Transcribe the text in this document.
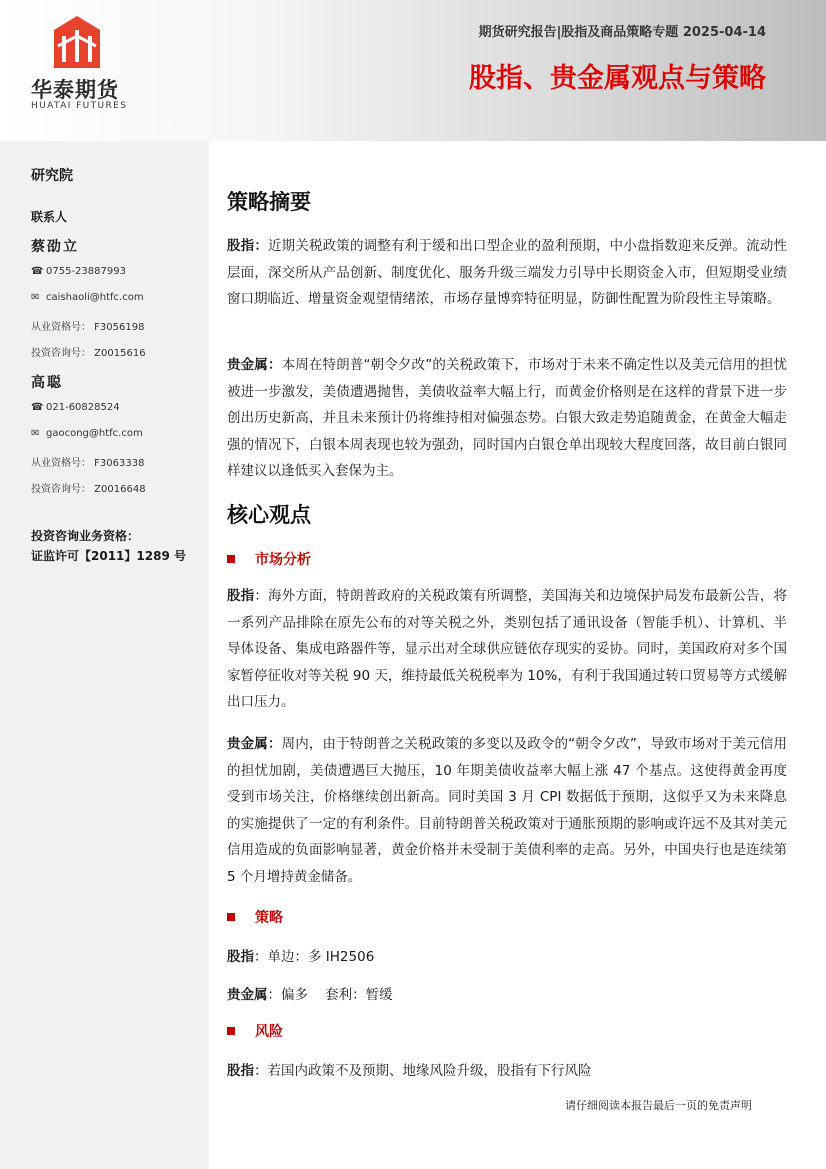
华泰期货
HUATAI FUTURES
期货研究报告|股指及商品策略专题 2025-04-14
股指、贵金属观点与策略
研究院
联系人
蔡劭立
☎ 0755-23887993
✉ caishaoli@htfc.com
从业资格号： F3056198
投资咨询号： Z0015616
高聪
☎ 021-60828524
✉ gaocong@htfc.com
从业资格号： F3063338
投资咨询号： Z0016648
投资咨询业务资格：
证监许可【2011】1289 号
策略摘要
股指：近期关税政策的调整有利于缓和出口型企业的盈利预期，中小盘指数迎来反弹。流动性层面，深交所从产品创新、制度优化、服务升级三端发力引导中长期资金入市，但短期受业绩窗口期临近、增量资金观望情绪浓，市场存量博弈特征明显，防御性配置为阶段性主导策略。
贵金属：本周在特朗普“朝令夕改”的关税政策下，市场对于未来不确定性以及美元信用的担忧被进一步激发，美债遭遇抛售，美债收益率大幅上行，而黄金价格则是在这样的背景下进一步创出历史新高，并且未来预计仍将维持相对偏强态势。白银大致走势追随黄金，在黄金大幅走强的情况下，白银本周表现也较为强劲，同时国内白银仓单出现较大程度回落，故目前白银同样建议以逢低买入套保为主。
核心观点
市场分析
股指：海外方面，特朗普政府的关税政策有所调整，美国海关和边境保护局发布最新公告，将一系列产品排除在原先公布的对等关税之外，类别包括了通讯设备（智能手机）、计算机、半导体设备、集成电路器件等，显示出对全球供应链依存现实的妥协。同时，美国政府对多个国家暂停征收对等关税 90 天，维持最低关税税率为 10%，有利于我国通过转口贸易等方式缓解出口压力。
贵金属：周内，由于特朗普之关税政策的多变以及政令的“朝令夕改”，导致市场对于美元信用的担忧加剧，美债遭遇巨大抛压，10 年期美债收益率大幅上涨 47 个基点。这使得黄金再度受到市场关注，价格继续创出新高。同时美国 3 月 CPI 数据低于预期，这似乎又为未来降息的实施提供了一定的有利条件。目前特朗普关税政策对于通胀预期的影响或许远不及其对美元信用造成的负面影响显著，黄金价格并未受制于美债利率的走高。另外，中国央行也是连续第 5 个月增持黄金储备。
策略
股指：单边：多 IH2506
贵金属：偏多    套利：暂缓
风险
股指：若国内政策不及预期、地缘风险升级，股指有下行风险
请仔细阅读本报告最后一页的免责声明
